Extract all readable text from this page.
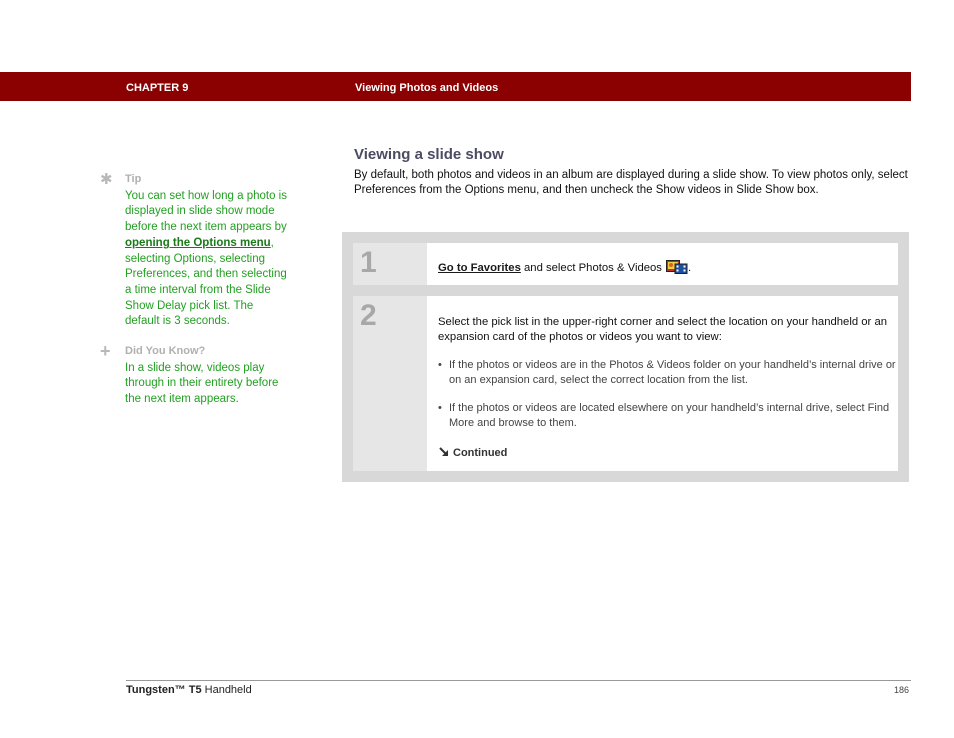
CHAPTER 9	Viewing Photos and Videos
✱ Tip
You can set how long a photo is displayed in slide show mode before the next item appears by opening the Options menu, selecting Options, selecting Preferences, and then selecting a time interval from the Slide Show Delay pick list. The default is 3 seconds.
+ Did You Know?
In a slide show, videos play through in their entirety before the next item appears.
Viewing a slide show
By default, both photos and videos in an album are displayed during a slide show. To view photos only, select Preferences from the Options menu, and then uncheck the Show videos in Slide Show box.
1	Go to Favorites and select Photos & Videos .
2	Select the pick list in the upper-right corner and select the location on your handheld or an expansion card of the photos or videos you want to view:
• If the photos or videos are in the Photos & Videos folder on your handheld’s internal drive or on an expansion card, select the correct location from the list.
• If the photos or videos are located elsewhere on your handheld’s internal drive, select Find More and browse to them.
Continued
Tungsten™ T5 Handheld	186
